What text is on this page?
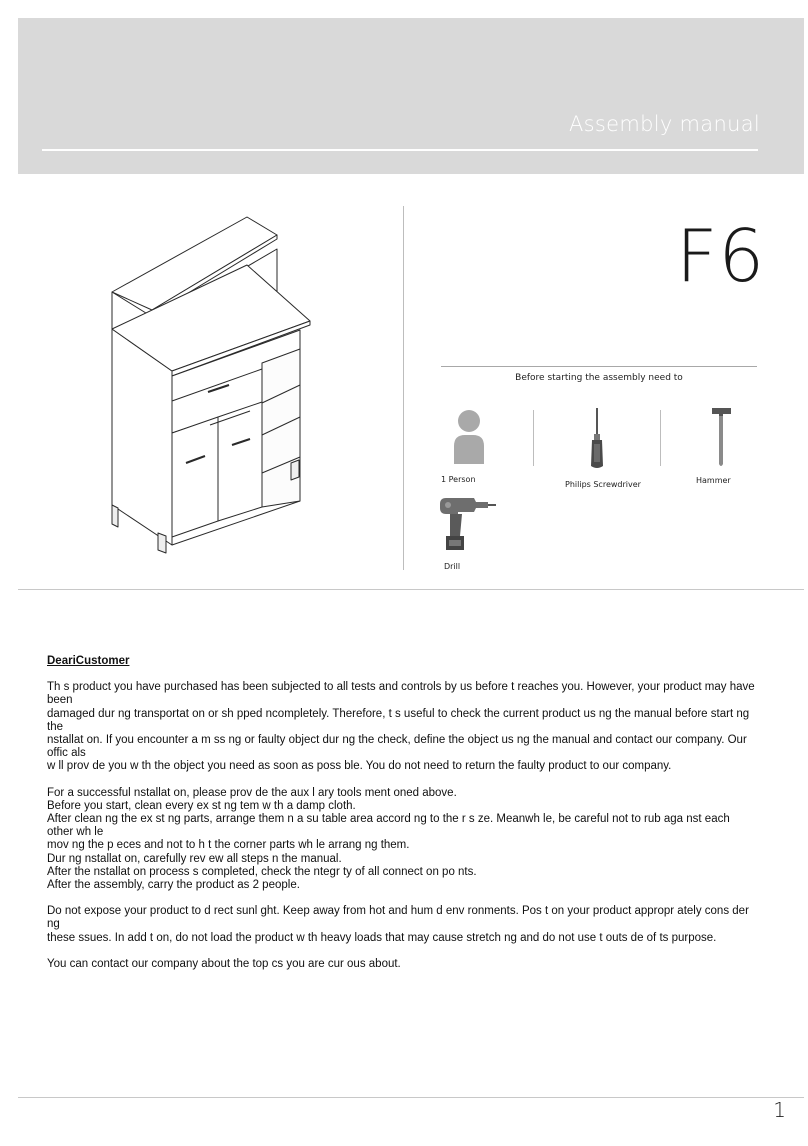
Assembly manual
F6
Before starting the assembly need to
1 Person
Philips Screwdriver	Hammer
Drill
DeariCustomer

Th s product you have purchased has been subjected to all tests and controls by us before t reaches you. However, your product may have been
damaged dur ng transportat on or sh pped ncompletely. Therefore, t s useful to check the current product us ng the manual before start ng the
nstallat on. If you encounter a m ss ng or faulty object dur ng the check, define the object us ng the manual and contact our company. Our offic als
w ll prov de you w th the object you need as soon as poss ble. You do not need to return the faulty product to our company.

For a successful nstallat on, please prov de the aux l ary tools ment oned above.
Before you start, clean every ex st ng tem w th a damp cloth.
After clean ng the ex st ng parts, arrange them n a su table area accord ng to the r s ze. Meanwh le, be careful not to rub aga nst each other wh le
mov ng the p eces and not to h t the corner parts wh le arrang ng them.
Dur ng nstallat on, carefully rev ew all steps n the manual.
After the nstallat on process s completed, check the ntegr ty of all connect on po nts.
After the assembly, carry the product as 2 people.

Do not expose your product to d rect sunl ght. Keep away from hot and hum d env ronments. Pos t on your product appropr ately cons der ng
these ssues. In add t on, do not load the product w th heavy loads that may cause stretch ng and do not use t outs de of ts purpose.

You can contact our company about the top cs you are cur ous about.

1
